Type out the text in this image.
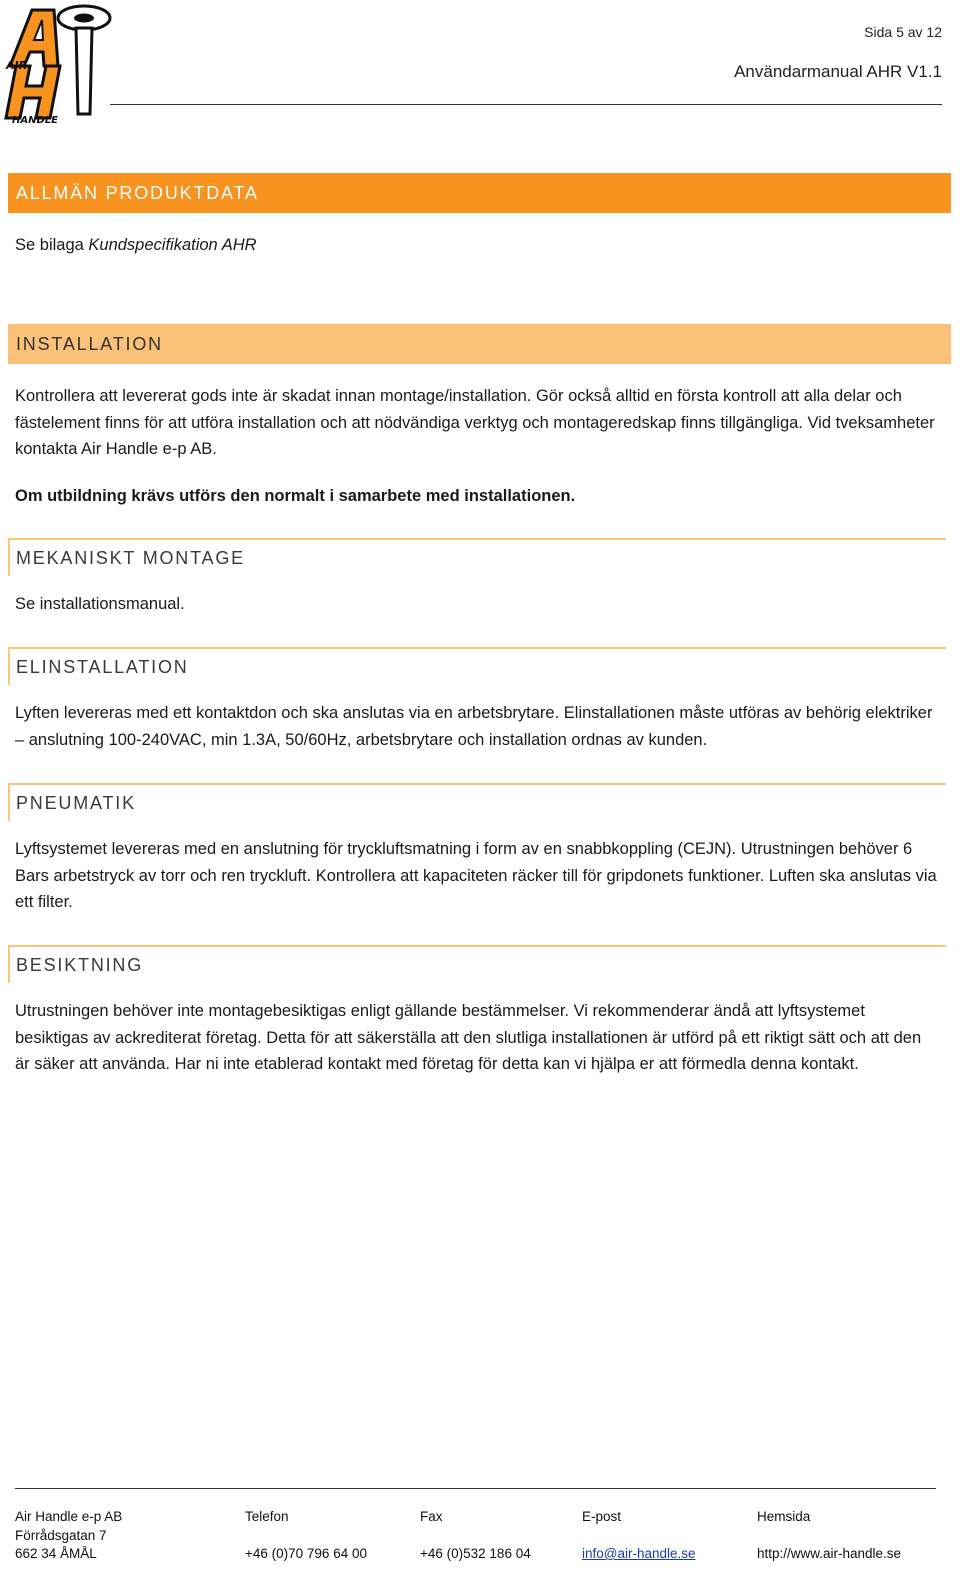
AIR
HANDLE
Sida 5 av 12
Användarmanual AHR V1.1
ALLMÄN PRODUKTDATA

Se bilaga Kundspecifikation AHR

INSTALLATION

Kontrollera att levererat gods inte är skadat innan montage/installation. Gör också alltid en första kontroll att alla delar och fästelement finns för att utföra installation och att nödvändiga verktyg och montageredskap finns tillgängliga. Vid tveksamheter kontakta Air Handle e-p AB.

Om utbildning krävs utförs den normalt i samarbete med installationen.

MEKANISKT MONTAGE

Se installationsmanual.

ELINSTALLATION

Lyften levereras med ett kontaktdon och ska anslutas via en arbetsbrytare. Elinstallationen måste utföras av behörig elektriker – anslutning 100-240VAC, min 1.3A, 50/60Hz, arbetsbrytare och installation ordnas av kunden.

PNEUMATIK

Lyftsystemet levereras med en anslutning för tryckluftsmatning i form av en snabbkoppling (CEJN). Utrustningen behöver 6 Bars arbetstryck av torr och ren tryckluft. Kontrollera att kapaciteten räcker till för gripdonets funktioner. Luften ska anslutas via ett filter.

BESIKTNING

Utrustningen behöver inte montagebesiktigas enligt gällande bestämmelser. Vi rekommenderar ändå att lyftsystemet besiktigas av ackrediterat företag. Detta för att säkerställa att den slutliga installationen är utförd på ett riktigt sätt och att den är säker att använda. Har ni inte etablerad kontakt med företag för detta kan vi hjälpa er att förmedla denna kontakt.

Air Handle e-p AB
Förrådsgatan 7
662 34 ÅMÅL
Telefon

+46 (0)70 796 64 00
Fax

+46 (0)532 186 04
E-post

info@air-handle.se
Hemsida

http://www.air-handle.se
